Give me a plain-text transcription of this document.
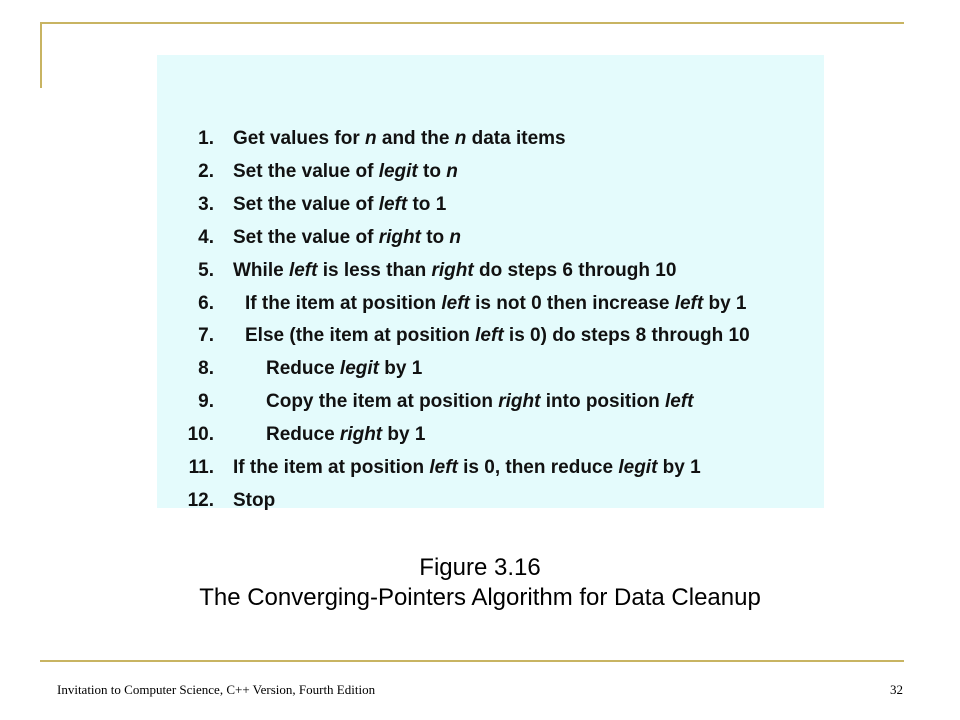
1. Get values for n and the n data items
2. Set the value of legit to n
3. Set the value of left to 1
4. Set the value of right to n
5. While left is less than right do steps 6 through 10
6. If the item at position left is not 0 then increase left by 1
7. Else (the item at position left is 0) do steps 8 through 10
8.	Reduce legit by 1
9.	Copy the item at position right into position left
10.	Reduce right by 1
11. If the item at position left is 0, then reduce legit by 1
12. Stop
Figure 3.16
The Converging-Pointers Algorithm for Data Cleanup
Invitation to Computer Science, C++ Version, Fourth Edition	32
